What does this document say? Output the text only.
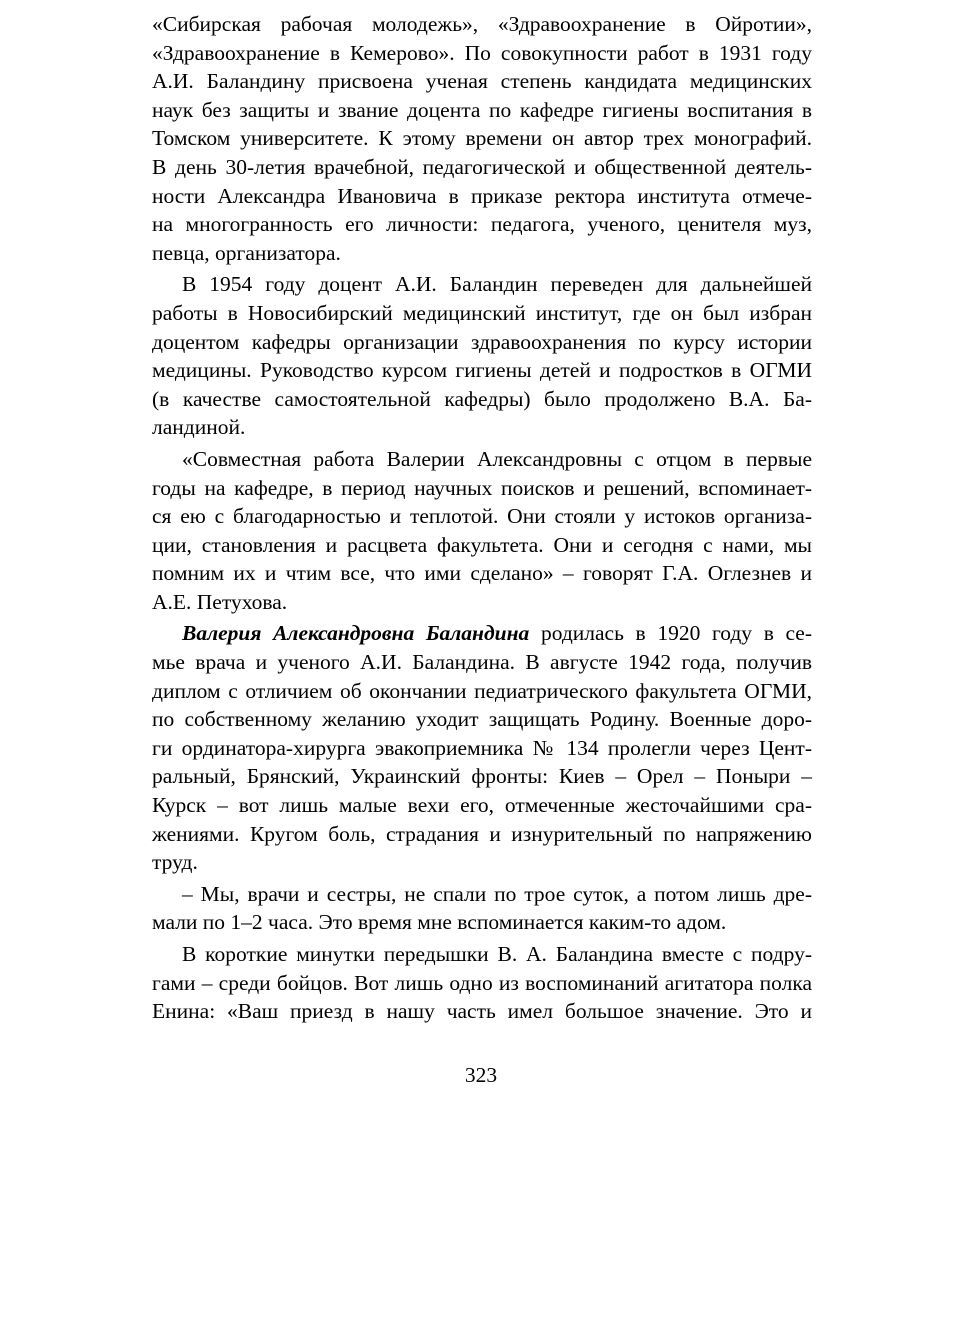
«Сибирская рабочая молодежь», «Здравоохранение в Ойротии»,
«Здравоохранение в Кемерово». По совокупности работ в 1931 году
А.И. Баландину присвоена ученая степень кандидата медицинских
наук без защиты и звание доцента по кафедре гигиены воспитания в
Томском университете. К этому времени он автор трех монографий.
В день 30-летия врачебной, педагогической и общественной деятель-
ности Александра Ивановича в приказе ректора института отмече-
на многогранность его личности: педагога, ученого, ценителя муз,
певца, организатора.
В 1954 году доцент А.И. Баландин переведен для дальнейшей
работы в Новосибирский медицинский институт, где он был избран
доцентом кафедры организации здравоохранения по курсу истории
медицины. Руководство курсом гигиены детей и подростков в ОГМИ
(в качестве самостоятельной кафедры) было продолжено В.А. Ба-
ландиной.
«Совместная работа Валерии Александровны с отцом в первые
годы на кафедре, в период научных поисков и решений, вспоминает-
ся ею с благодарностью и теплотой. Они стояли у истоков организа-
ции, становления и расцвета факультета. Они и сегодня с нами, мы
помним их и чтим все, что ими сделано» – говорят Г.А. Оглезнев и
А.Е. Петухова.
Валерия Александровна Баландина родилась в 1920 году в се-
мье врача и ученого А.И. Баландина. В августе 1942 года, получив
диплом с отличием об окончании педиатрического факультета ОГМИ,
по собственному желанию уходит защищать Родину. Военные доро-
ги ординатора-хирурга эвакоприемника № 134 пролегли через Цент-
ральный, Брянский, Украинский фронты: Киев – Орел – Поныри –
Курск – вот лишь малые вехи его, отмеченные жесточайшими сра-
жениями. Кругом боль, страдания и изнурительный по напряжению
труд.
– Мы, врачи и сестры, не спали по трое суток, а потом лишь дре-
мали по 1–2 часа. Это время мне вспоминается каким-то адом.
В короткие минутки передышки В. А. Баландина вместе с подру-
гами – среди бойцов. Вот лишь одно из воспоминаний агитатора полка
Енина: «Ваш приезд в нашу часть имел большое значение. Это и
323
